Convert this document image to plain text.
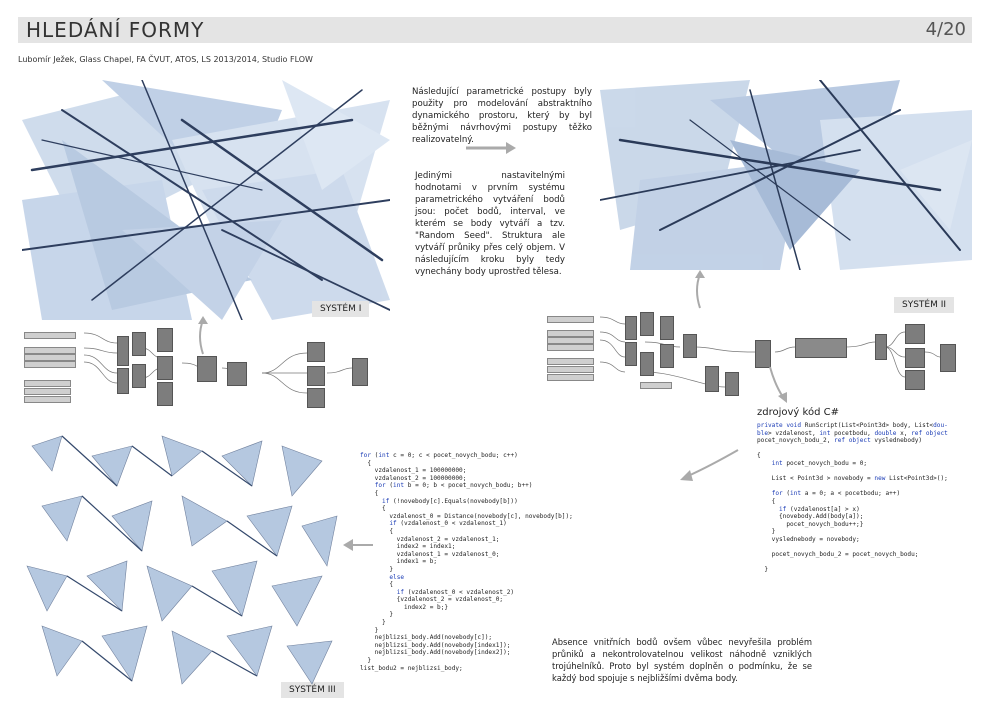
HLEDÁNÍ FORMY	4/20
Lubomír Ježek, Glass Chapel, FA ČVUT, ATOS, LS 2013/2014, Studio FLOW
Následující parametrické postupy byly použity pro modelování abstraktního dynamického prostoru, který by byl běžnými návrhovými postupy těžko realizovatelný.
Jedinými nastavitelnými hodnotami v prvním systému parametrického vytváření bodů jsou: počet bodů, interval, ve kterém se body vytváří a tzv. "Random Seed". Struktura ale vytváří průniky přes celý objem. V následujícím kroku byly tedy vynechány body uprostřed tělesa.
SYSTÉM I	SYSTÉM II
SYSTÉM III
zdrojový kód C#
private void RunScript(List<Point3d> body, List<dou-
ble> vzdalenost, int pocetbodu, double x, ref object
pocet_novych_bodu_2, ref object vyslednebody)

{
int pocet_novych_bodu = 0;

List < Point3d > novebody = new List<Point3d>();

for (int a = 0; a < pocetbodu; a++)
{
if (vzdalenost[a] > x)
{novebody.Add(body[a]);
pocet_novych_bodu++;}
}
vyslednebody = novebody;

pocet_novych_bodu_2 = pocet_novych_bodu;

}
for (int c = 0; c < pocet_novych_bodu; c++)
{
vzdalenost_1 = 100000000;
vzdalenost_2 = 100000000;
for (int b = 0; b < pocet_novych_bodu; b++)
{
if (!novebody[c].Equals(novebody[b]))
{
vzdalenost_0 = Distance(novebody[c], novebody[b]);
if (vzdalenost_0 < vzdalenost_1)
{
vzdalenost_2 = vzdalenost_1;
index2 = index1;
vzdalenost_1 = vzdalenost_0;
index1 = b;
}
else
{
if (vzdalenost_0 < vzdalenost_2)
{vzdalenost_2 = vzdalenost_0;
index2 = b;}
}
}
}
nejblizsi_body.Add(novebody[c]);
nejblizsi_body.Add(novebody[index1]);
nejblizsi_body.Add(novebody[index2]);
}
list_bodu2 = nejblizsi_body;
Absence vnitřních bodů ovšem vůbec nevyřešila problém průniků a nekontrolovatelnou velikost náhodně vzniklých trojúhelníků. Proto byl systém doplněn o podmínku, že se každý bod spojuje s nejbližšími dvěma body.
